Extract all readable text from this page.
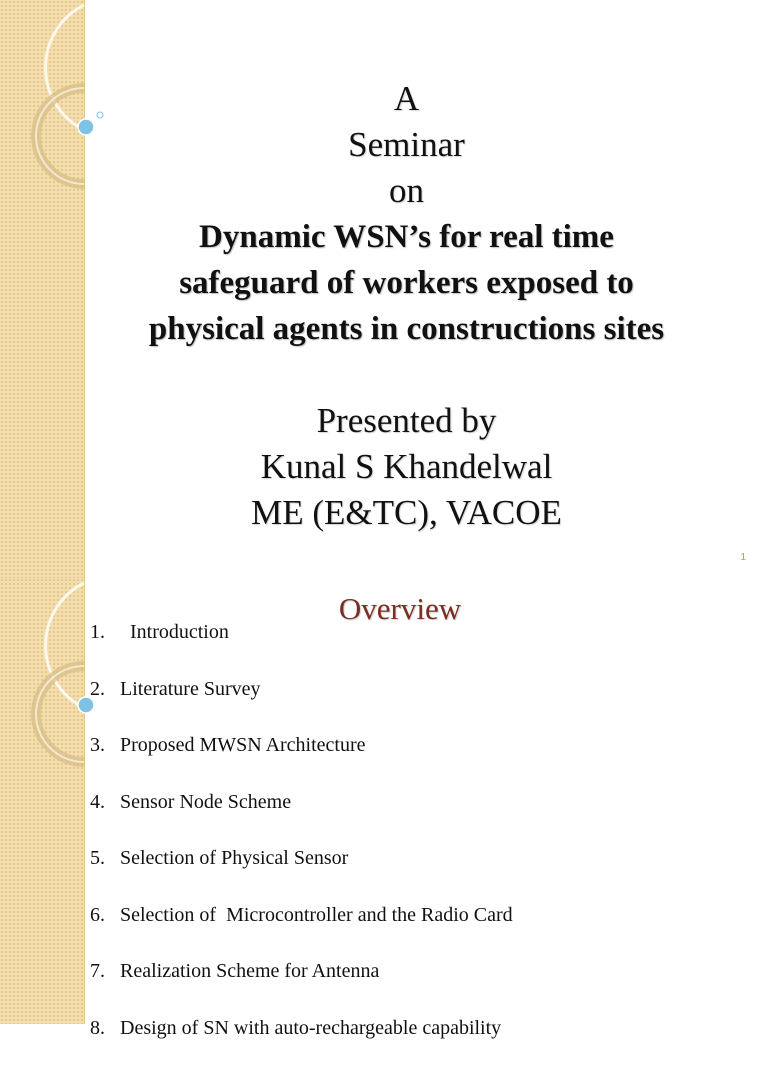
A
Seminar
on
Dynamic WSN’s for real time
safeguard of workers exposed to
physical agents in constructions sites
Presented by
Kunal S Khandelwal
ME (E&TC), VACOE
1
Overview
1.  Introduction
2. Literature Survey
3. Proposed MWSN Architecture
4. Sensor Node Scheme
5. Selection of Physical Sensor
6. Selection of  Microcontroller and the Radio Card
7. Realization Scheme for Antenna
8. Design of SN with auto-rechargeable capability
